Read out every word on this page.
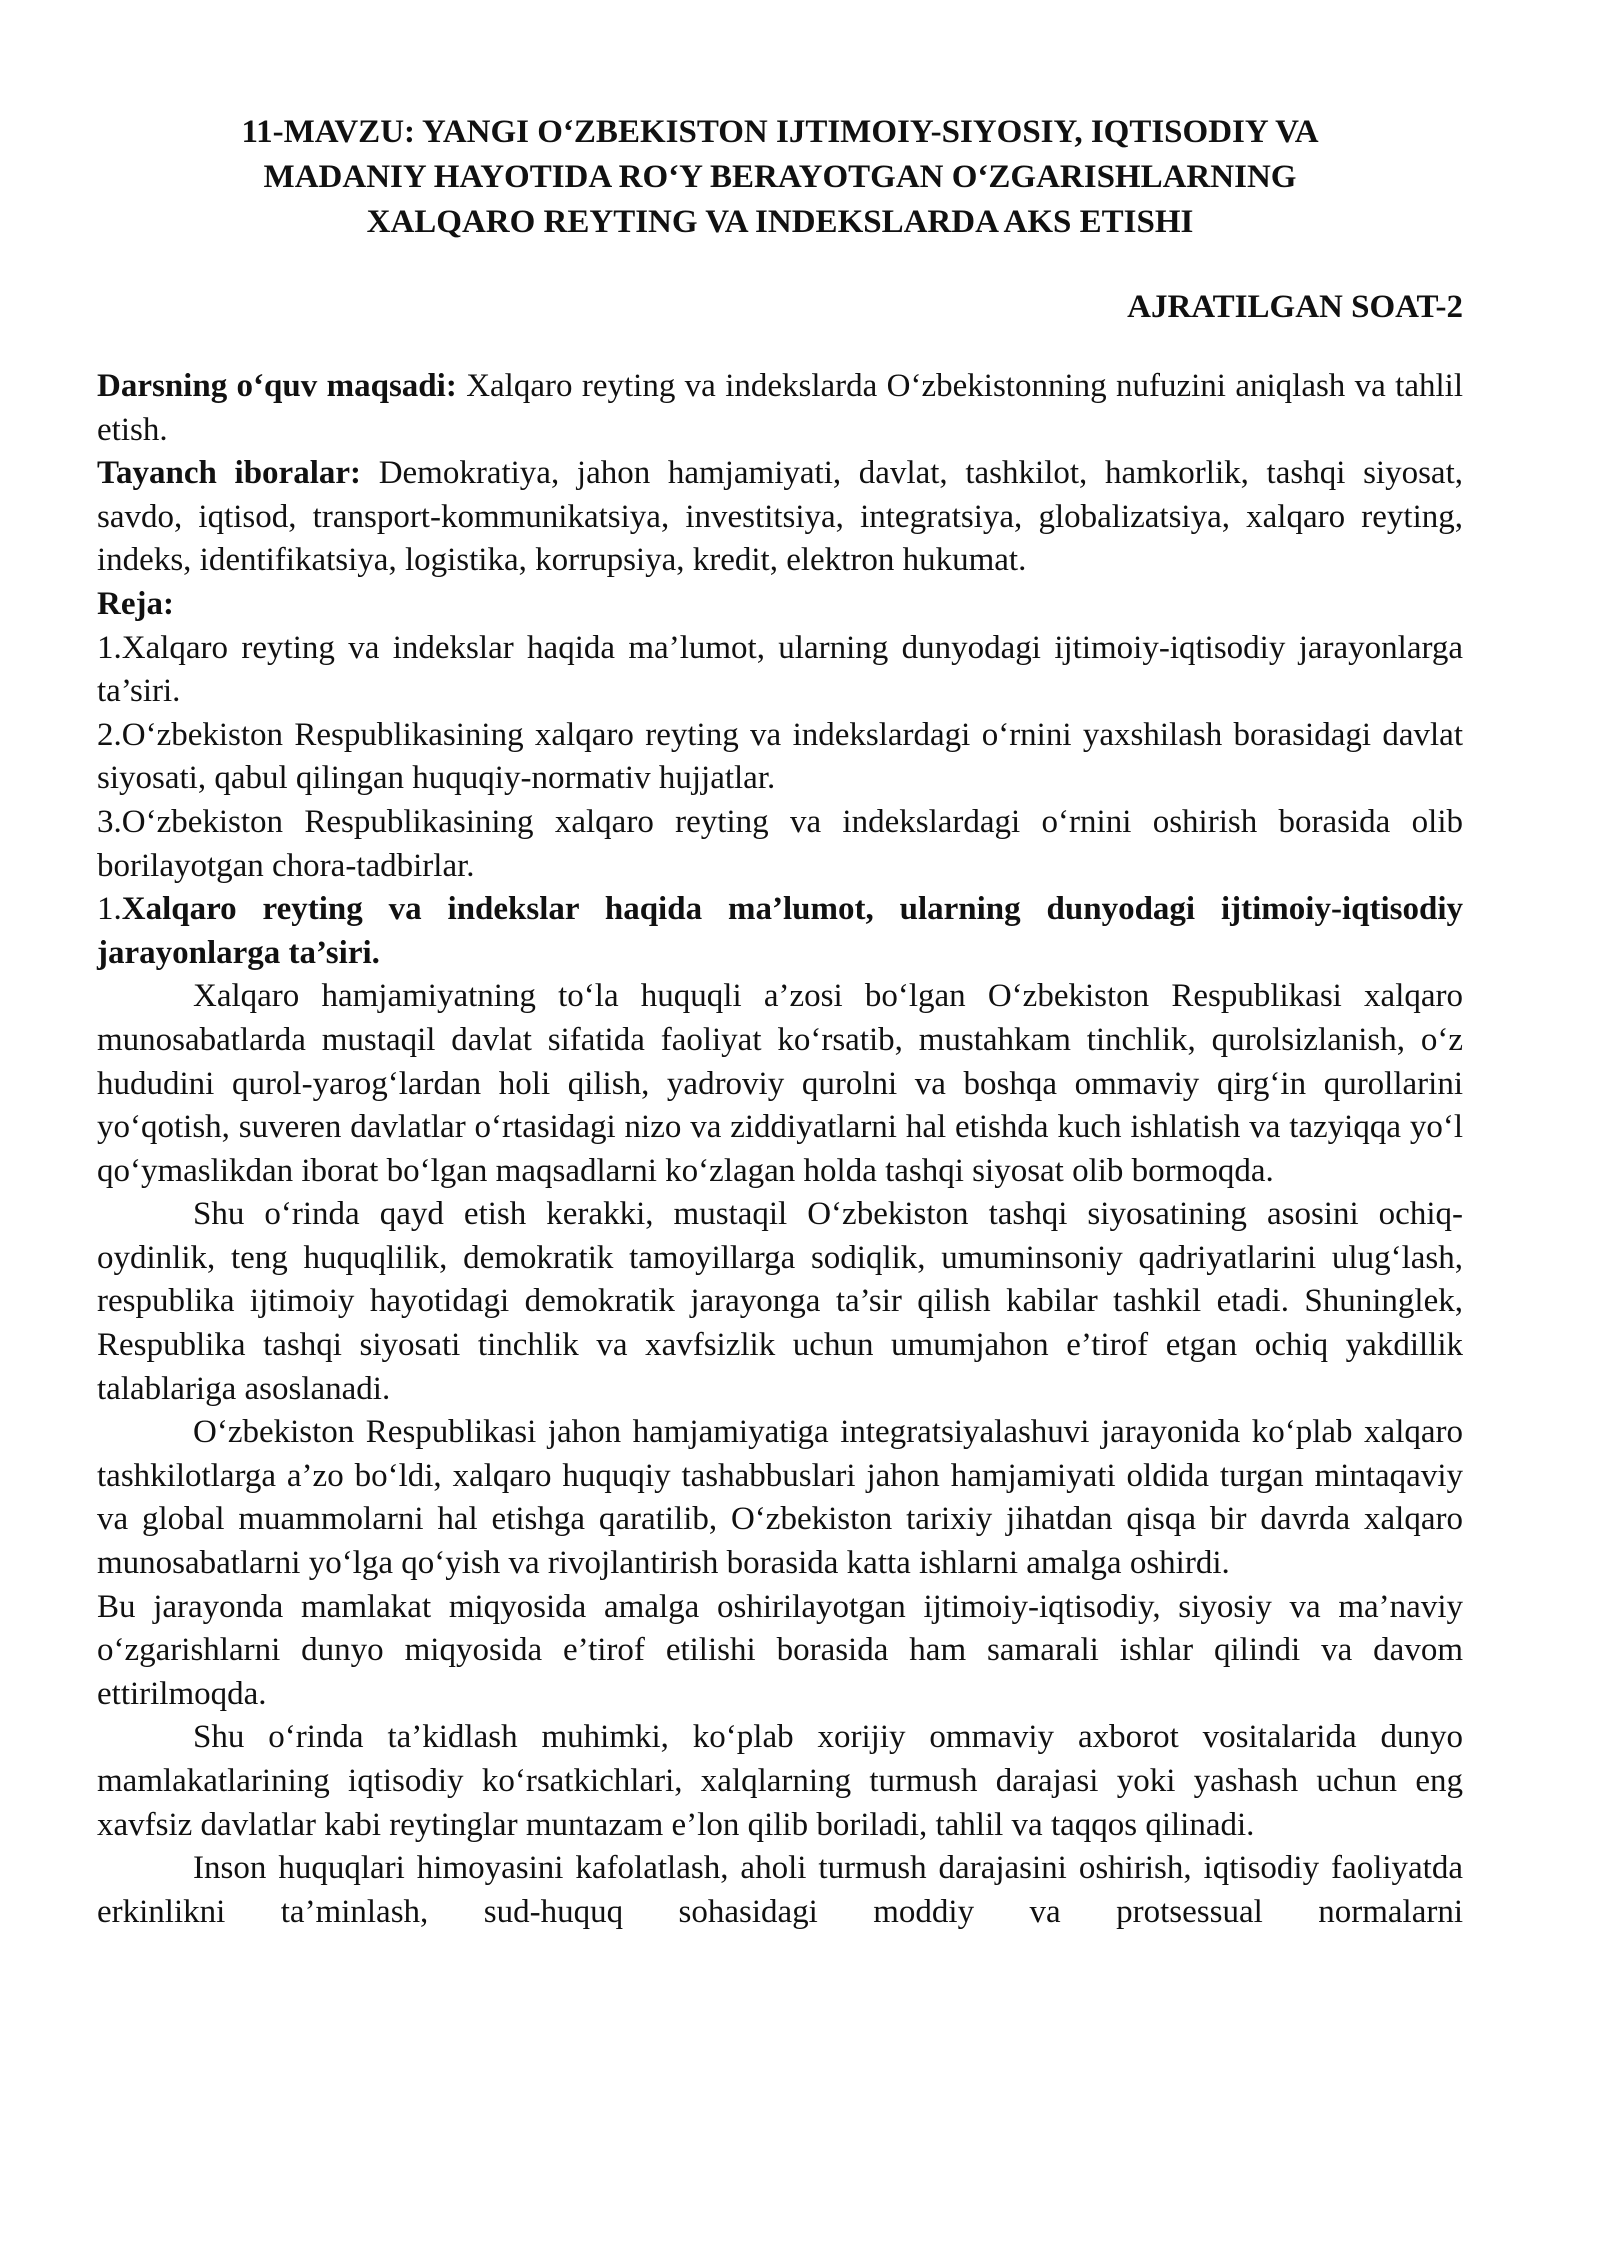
11-MAVZU: YANGI O‘ZBEKISTON IJTIMOIY-SIYOSIY, IQTISODIY VA
MADANIY HAYOTIDA RO‘Y BERAYOTGAN O‘ZGARISHLARNING
XALQARO REYTING VA INDEKSLARDA AKS ETISHI
AJRATILGAN SOAT-2

Darsning o‘quv maqsadi: Xalqaro reyting va indekslarda O‘zbekistonning nufuzini aniqlash va tahlil etish.

Tayanch iboralar: Demokratiya, jahon hamjamiyati, davlat, tashkilot, hamkorlik, tashqi siyosat, savdo, iqtisod, transport-kommunikatsiya, investitsiya, integratsiya, globalizatsiya, xalqaro reyting, indeks, identifikatsiya, logistika, korrupsiya, kredit, elektron hukumat.

Reja:

1.Xalqaro reyting va indekslar haqida ma’lumot, ularning dunyodagi ijtimoiy-iqtisodiy jarayonlarga ta’siri.

2.O‘zbekiston Respublikasining xalqaro reyting va indekslardagi o‘rnini yaxshilash borasidagi davlat siyosati, qabul qilingan huquqiy-normativ hujjatlar.

3.O‘zbekiston Respublikasining xalqaro reyting va indekslardagi o‘rnini oshirish borasida olib borilayotgan chora-tadbirlar.

1.Xalqaro reyting va indekslar haqida ma’lumot, ularning dunyodagi ijtimoiy-iqtisodiy jarayonlarga ta’siri.

Xalqaro hamjamiyatning to‘la huquqli a’zosi bo‘lgan O‘zbekiston Respublikasi xalqaro munosabatlarda mustaqil davlat sifatida faoliyat ko‘rsatib, mustahkam tinchlik, qurolsizlanish, o‘z hududini qurol-yarog‘lardan holi qilish, yadroviy qurolni va boshqa ommaviy qirg‘in qurollarini yo‘qotish, suveren davlatlar o‘rtasidagi nizo va ziddiyatlarni hal etishda kuch ishlatish va tazyiqqa yo‘l qo‘ymaslikdan iborat bo‘lgan maqsadlarni ko‘zlagan holda tashqi siyosat olib bormoqda.

Shu o‘rinda qayd etish kerakki, mustaqil O‘zbekiston tashqi siyosatining asosini ochiq-oydinlik, teng huquqlilik, demokratik tamoyillarga sodiqlik, umuminsoniy qadriyatlarini ulug‘lash, respublika ijtimoiy hayotidagi demokratik jarayonga ta’sir qilish kabilar tashkil etadi. Shuninglek, Respublika tashqi siyosati tinchlik va xavfsizlik uchun umumjahon e’tirof etgan ochiq yakdillik talablariga asoslanadi.

O‘zbekiston Respublikasi jahon hamjamiyatiga integratsiyalashuvi jarayonida ko‘plab xalqaro tashkilotlarga a’zo bo‘ldi, xalqaro huquqiy tashabbuslari jahon hamjamiyati oldida turgan mintaqaviy va global muammolarni hal etishga qaratilib, O‘zbekiston tarixiy jihatdan qisqa bir davrda xalqaro munosabatlarni yo‘lga qo‘yish va rivojlantirish borasida katta ishlarni amalga oshirdi.

Bu jarayonda mamlakat miqyosida amalga oshirilayotgan ijtimoiy-iqtisodiy, siyosiy va ma’naviy o‘zgarishlarni dunyo miqyosida e’tirof etilishi borasida ham samarali ishlar qilindi va davom ettirilmoqda.

Shu o‘rinda ta’kidlash muhimki, ko‘plab xorijiy ommaviy axborot vositalarida dunyo mamlakatlarining iqtisodiy ko‘rsatkichlari, xalqlarning turmush darajasi yoki yashash uchun eng xavfsiz davlatlar kabi reytinglar muntazam e’lon qilib boriladi, tahlil va taqqos qilinadi.

Inson huquqlari himoyasini kafolatlash, aholi turmush darajasini oshirish, iqtisodiy faoliyatda erkinlikni ta’minlash, sud-huquq sohasidagi moddiy va protsessual normalarni
